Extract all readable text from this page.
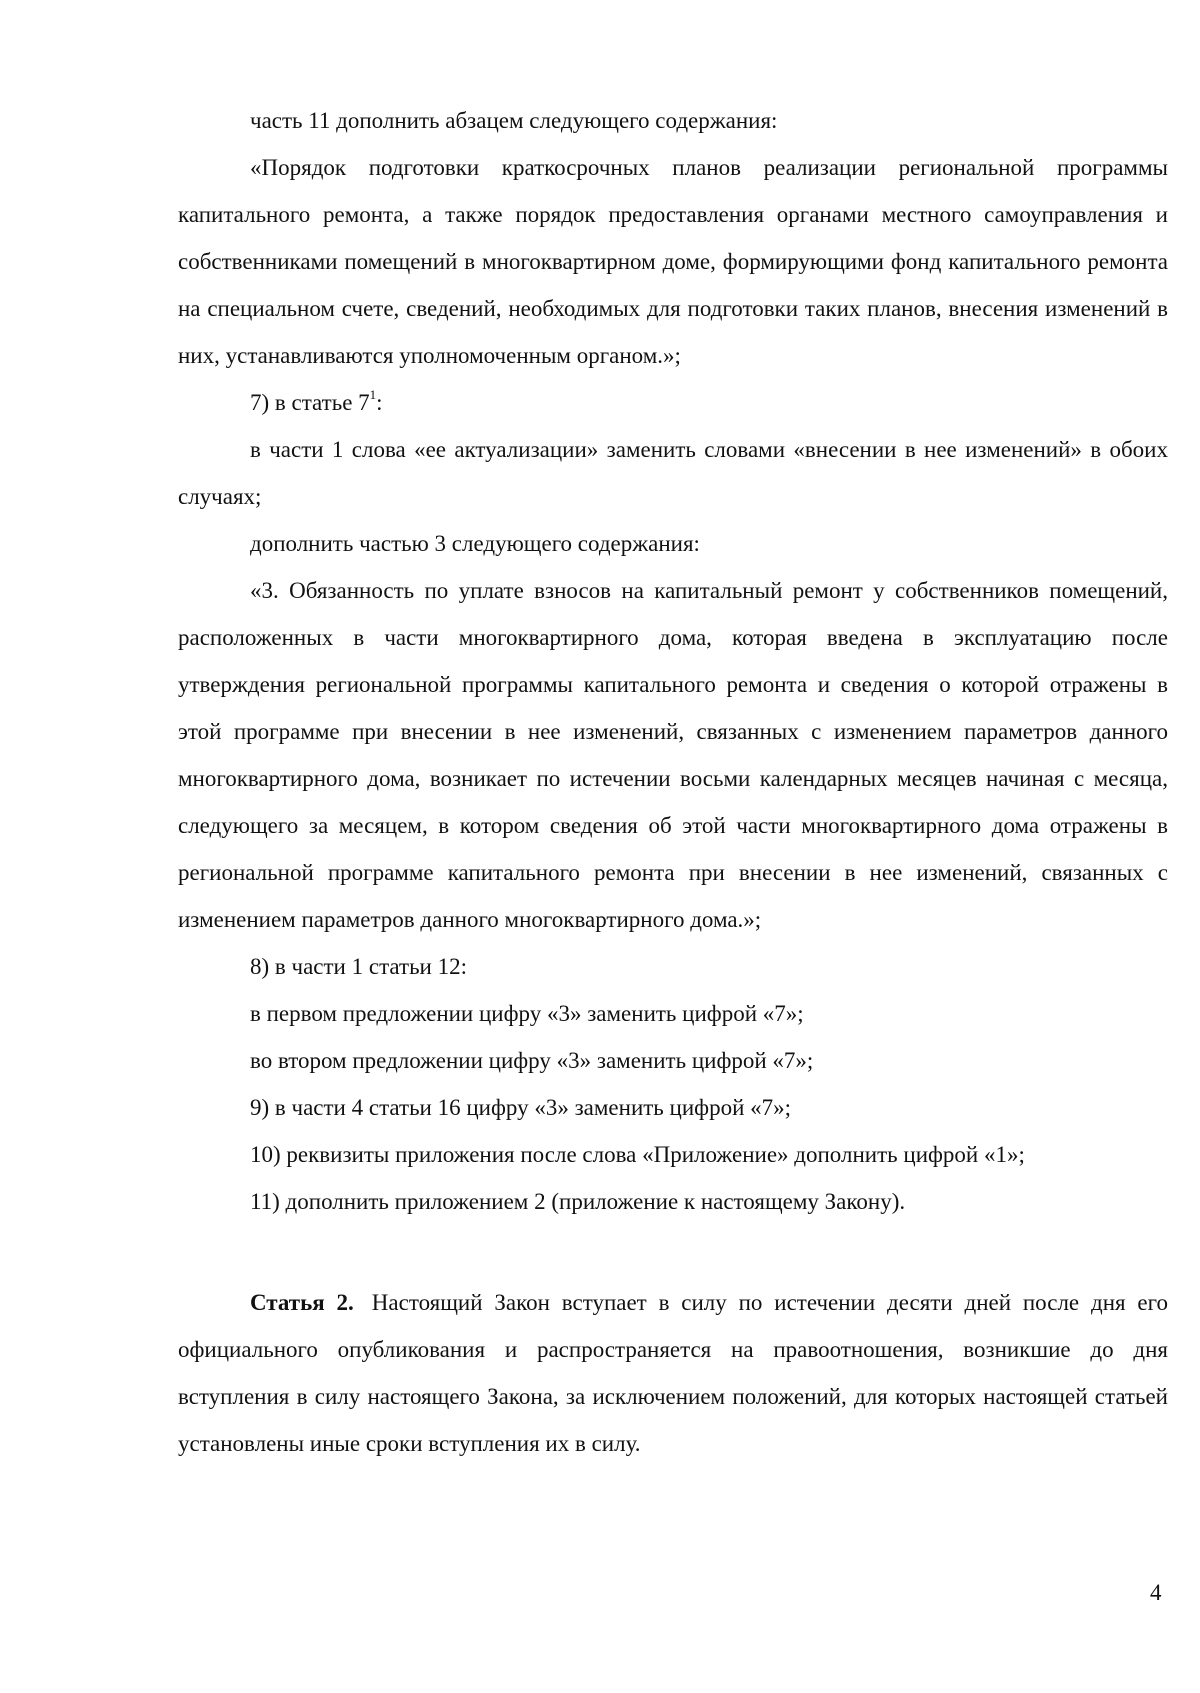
часть 11 дополнить абзацем следующего содержания:

«Порядок подготовки краткосрочных планов реализации региональной программы капитального ремонта, а также порядок предоставления органами местного самоуправления и собственниками помещений в многоквартирном доме, формирующими фонд капитального ремонта на специальном счете, сведений, необходимых для подготовки таких планов, внесения изменений в них, устанавливаются уполномоченным органом.»;

7) в статье $7^1$:

в части 1 слова «ее актуализации» заменить словами «внесении в нее изменений» в обоих случаях;

дополнить частью 3 следующего содержания:

«3. Обязанность по уплате взносов на капитальный ремонт у собственников помещений, расположенных в части многоквартирного дома, которая введена в эксплуатацию после утверждения региональной программы капитального ремонта и сведения о которой отражены в этой программе при внесении в нее изменений, связанных с изменением параметров данного многоквартирного дома, возникает по истечении восьми календарных месяцев начиная с месяца, следующего за месяцем, в котором сведения об этой части многоквартирного дома отражены в региональной программе капитального ремонта при внесении в нее изменений, связанных с изменением параметров данного многоквартирного дома.»;

8) в части 1 статьи 12:

в первом предложении цифру «3» заменить цифрой «7»;

во втором предложении цифру «3» заменить цифрой «7»;

9) в части 4 статьи 16 цифру «3» заменить цифрой «7»;

10) реквизиты приложения после слова «Приложение» дополнить цифрой «1»;

11) дополнить приложением 2 (приложение к настоящему Закону).

Статья 2. Настоящий Закон вступает в силу по истечении десяти дней после дня его официального опубликования и распространяется на правоотношения, возникшие до дня вступления в силу настоящего Закона, за исключением положений, для которых настоящей статьей установлены иные сроки вступления их в силу.

4
